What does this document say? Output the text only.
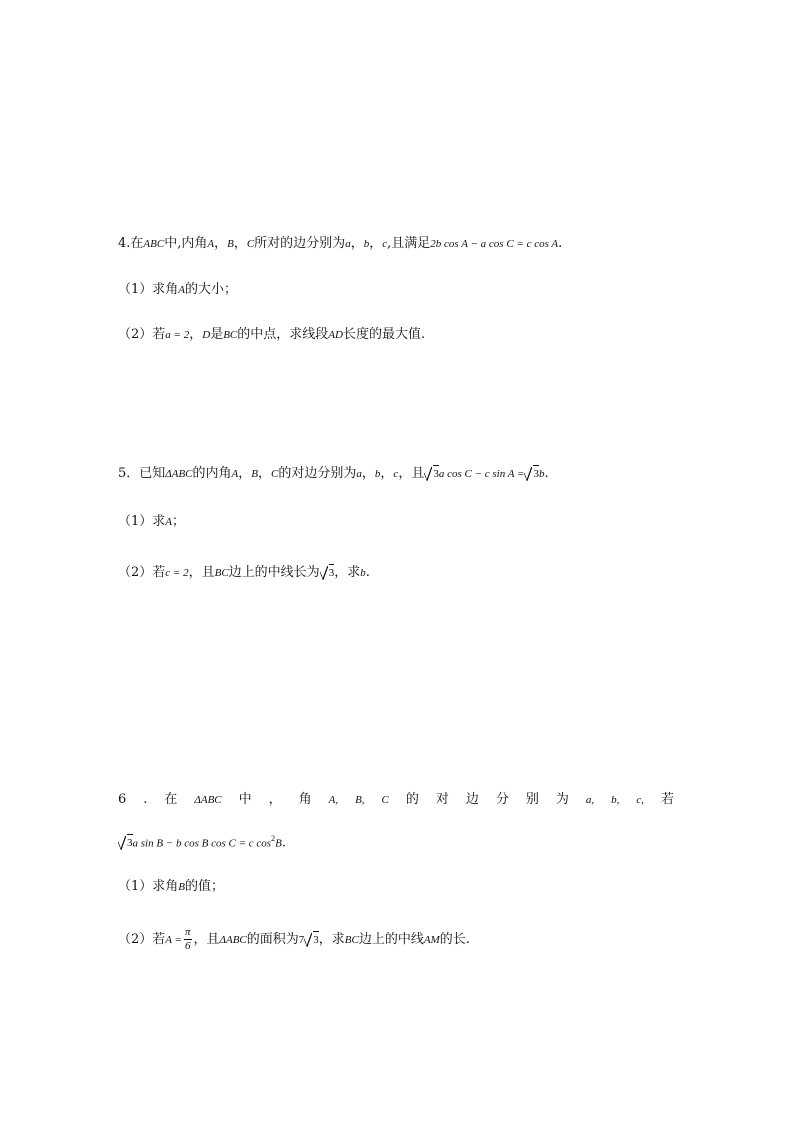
4.在ABC中,内角A，B，C所对的边分别为a，b，c,且满足2b cos A − a cos C = c cos A.
（1）求角A的大小；
（2）若a = 2，D是BC的中点，求线段AD长度的最大值.
5．已知ΔABC的内角A，B，C的对边分别为a，b，c，且 3a cos C − c sin A = 3b.
（1）求A；
（2）若c = 2，且BC边上的中线长为 3，求b.
6 . 在 ΔABC 中 ， 角 A, B, C 的 对 边 分 别 为 a, b, c, 若
3a sin B − b cos B cos C = c $\cos^2B$.
（1）求角B的值；
（2）若$A = \frac{\pi}{6}$ ，且ΔABC的面积为7 3，求BC边上的中线AM的长.
